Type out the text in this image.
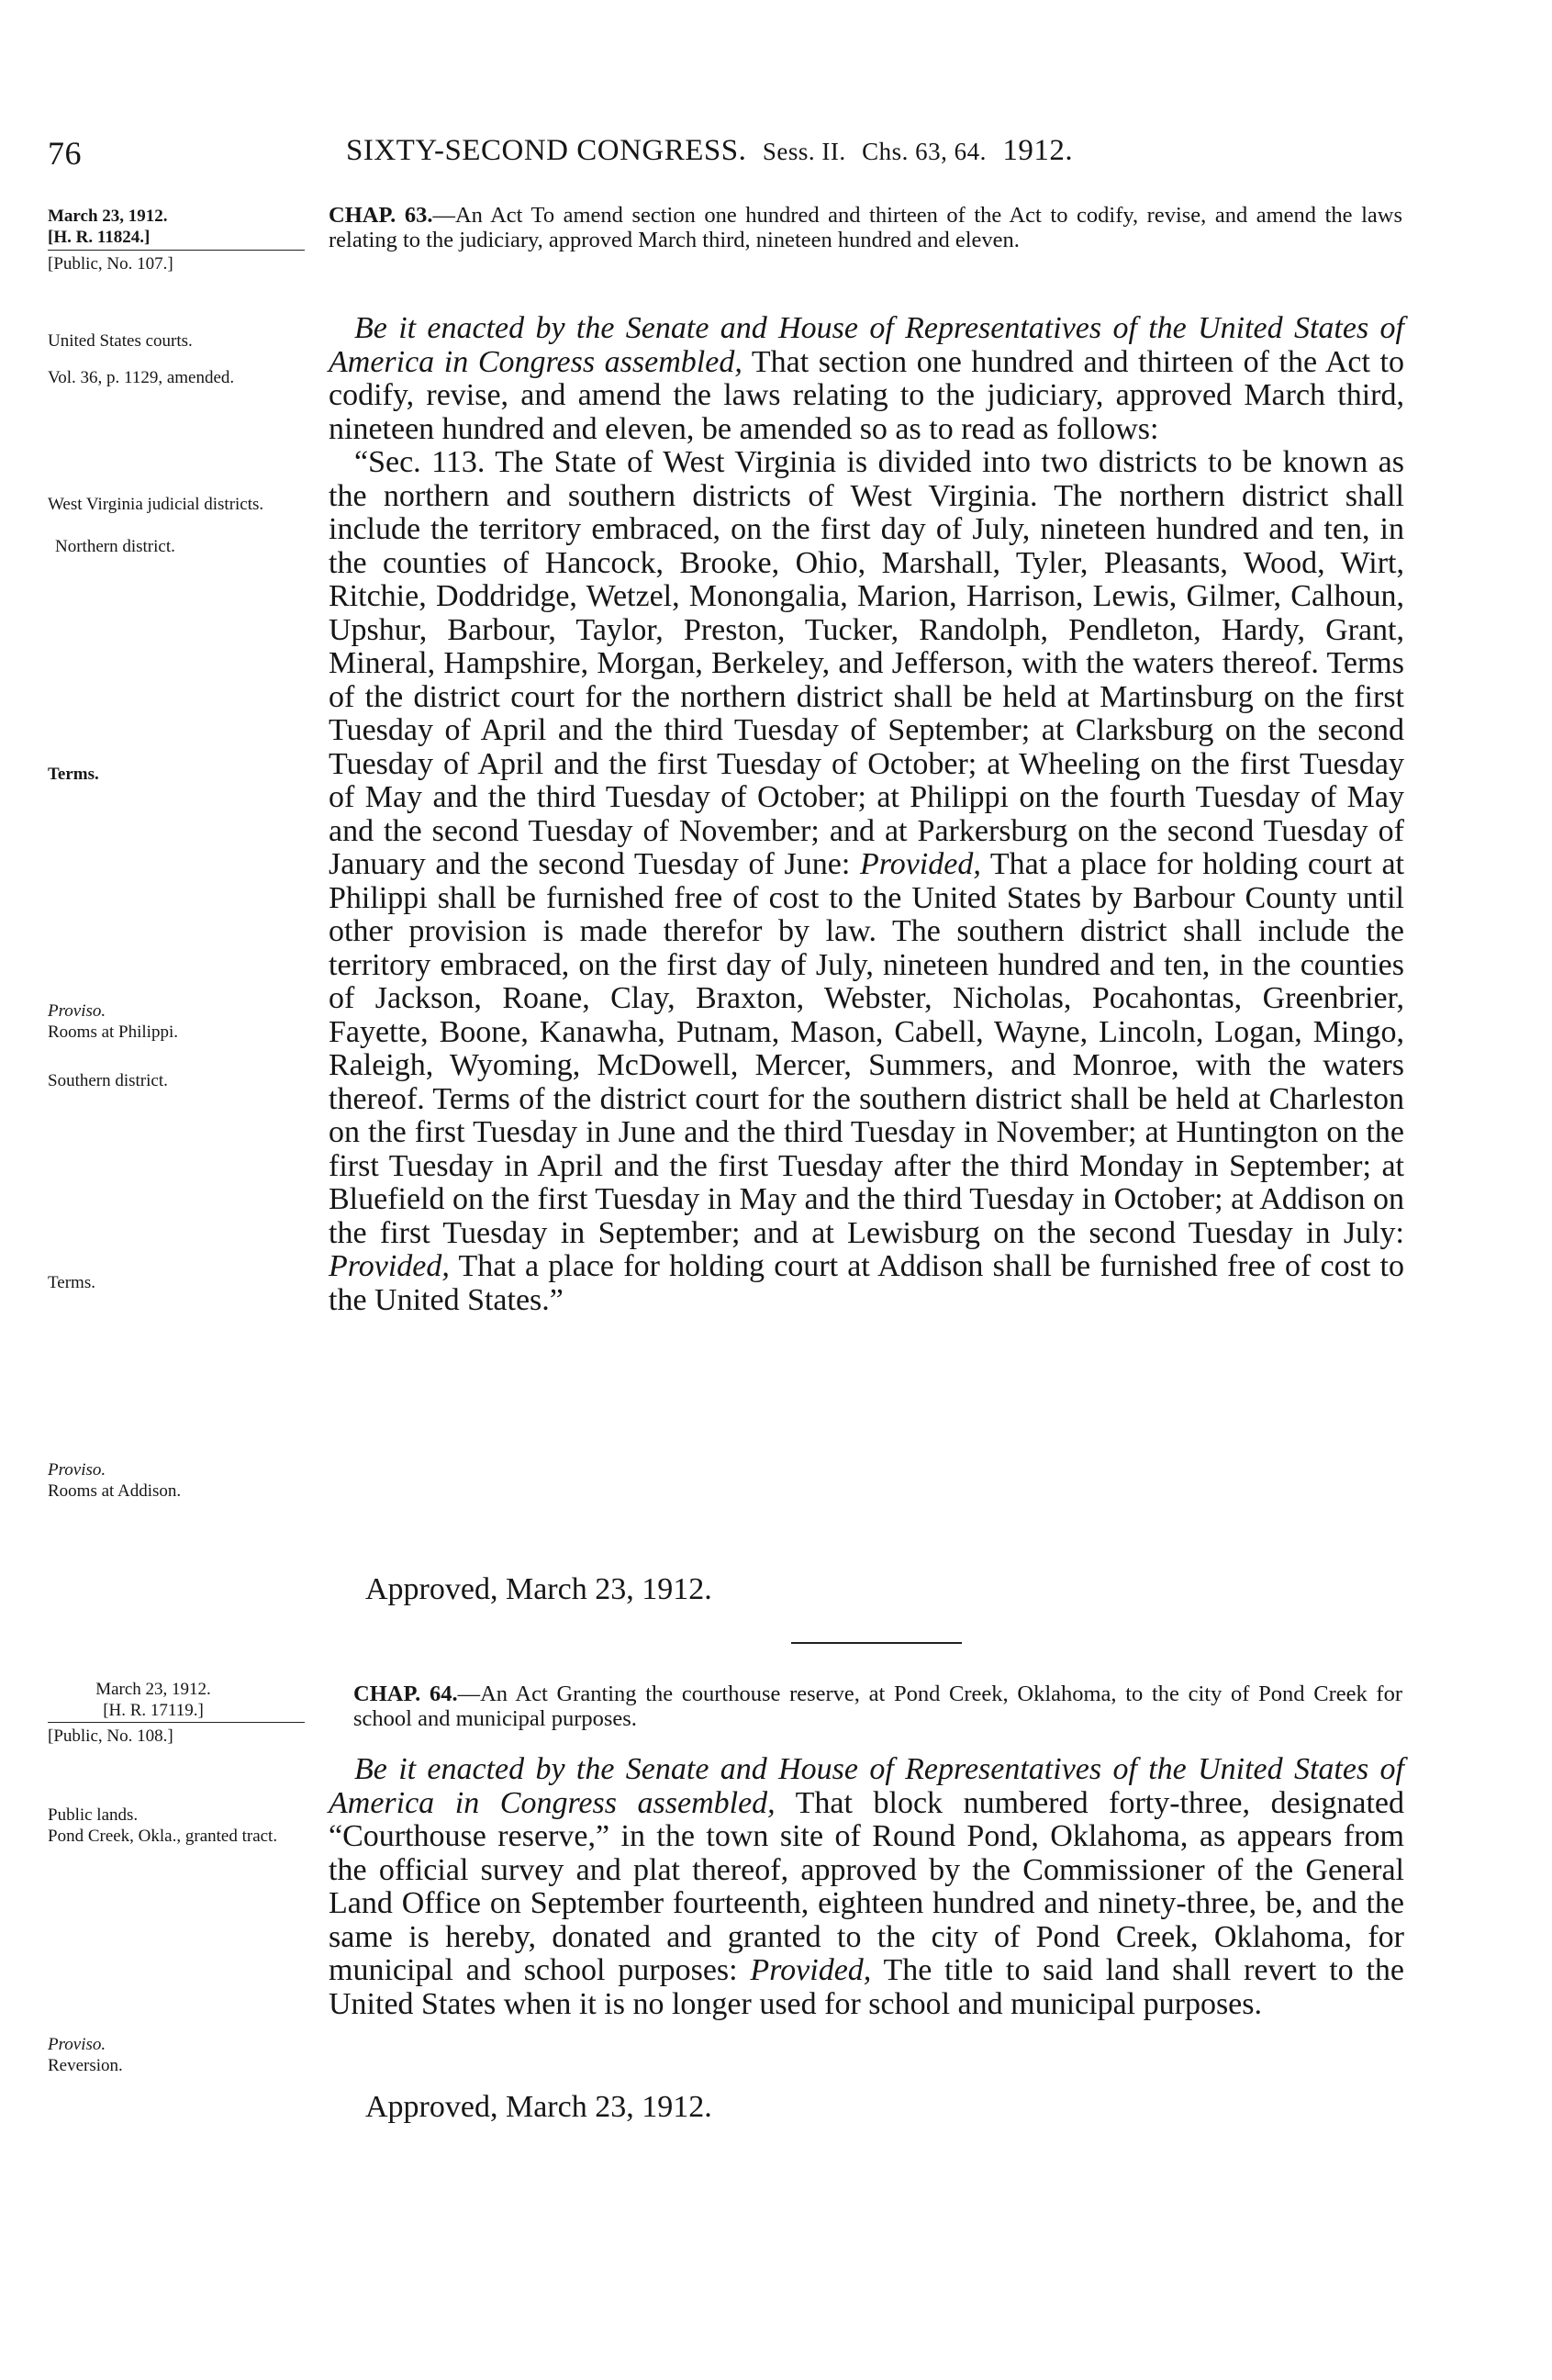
76	SIXTY-SECOND CONGRESS. Sess. II. Chs. 63, 64. 1912.
March 23, 1912.
[H. R. 11824.]
[Public, No. 107.]
CHAP. 63.—An Act To amend section one hundred and thirteen of the Act to codify, revise, and amend the laws relating to the judiciary, approved March third, nineteen hundred and eleven.
United States courts.
Vol. 36, p. 1129, amended.
West Virginia judicial districts.
Northern district.
Terms.
Proviso.
Rooms at Philippi.
Southern district.
Terms.
Proviso.
Rooms at Addison.
Be it enacted by the Senate and House of Representatives of the United States of America in Congress assembled, That section one hundred and thirteen of the Act to codify, revise, and amend the laws relating to the judiciary, approved March third, nineteen hundred and eleven, be amended so as to read as follows:
“Sec. 113. The State of West Virginia is divided into two districts to be known as the northern and southern districts of West Virginia. The northern district shall include the territory embraced, on the first day of July, nineteen hundred and ten, in the counties of Hancock, Brooke, Ohio, Marshall, Tyler, Pleasants, Wood, Wirt, Ritchie, Doddridge, Wetzel, Monongalia, Marion, Harrison, Lewis, Gilmer, Calhoun, Upshur, Barbour, Taylor, Preston, Tucker, Randolph, Pendleton, Hardy, Grant, Mineral, Hampshire, Morgan, Berkeley, and Jefferson, with the waters thereof. Terms of the district court for the northern district shall be held at Martinsburg on the first Tuesday of April and the third Tuesday of September; at Clarksburg on the second Tuesday of April and the first Tuesday of October; at Wheeling on the first Tuesday of May and the third Tuesday of October; at Philippi on the fourth Tuesday of May and the second Tuesday of November; and at Parkersburg on the second Tuesday of January and the second Tuesday of June: Provided, That a place for holding court at Philippi shall be furnished free of cost to the United States by Barbour County until other provision is made therefor by law. The southern district shall include the territory embraced, on the first day of July, nineteen hundred and ten, in the counties of Jackson, Roane, Clay, Braxton, Webster, Nicholas, Pocahontas, Greenbrier, Fayette, Boone, Kanawha, Putnam, Mason, Cabell, Wayne, Lincoln, Logan, Mingo, Raleigh, Wyoming, McDowell, Mercer, Summers, and Monroe, with the waters thereof. Terms of the district court for the southern district shall be held at Charleston on the first Tuesday in June and the third Tuesday in November; at Huntington on the first Tuesday in April and the first Tuesday after the third Monday in September; at Bluefield on the first Tuesday in May and the third Tuesday in October; at Addison on the first Tuesday in September; and at Lewisburg on the second Tuesday in July: Provided, That a place for holding court at Addison shall be furnished free of cost to the United States.”
Approved, March 23, 1912.
March 23, 1912.
[H. R. 17119.]
[Public, No. 108.]
CHAP. 64.—An Act Granting the courthouse reserve, at Pond Creek, Oklahoma, to the city of Pond Creek for school and municipal purposes.
Public lands.
Pond Creek, Okla., granted tract.
Proviso.
Reversion.
Be it enacted by the Senate and House of Representatives of the United States of America in Congress assembled, That block numbered forty-three, designated “Courthouse reserve,” in the town site of Round Pond, Oklahoma, as appears from the official survey and plat thereof, approved by the Commissioner of the General Land Office on September fourteenth, eighteen hundred and ninety-three, be, and the same is hereby, donated and granted to the city of Pond Creek, Oklahoma, for municipal and school purposes: Provided, The title to said land shall revert to the United States when it is no longer used for school and municipal purposes.
Approved, March 23, 1912.
